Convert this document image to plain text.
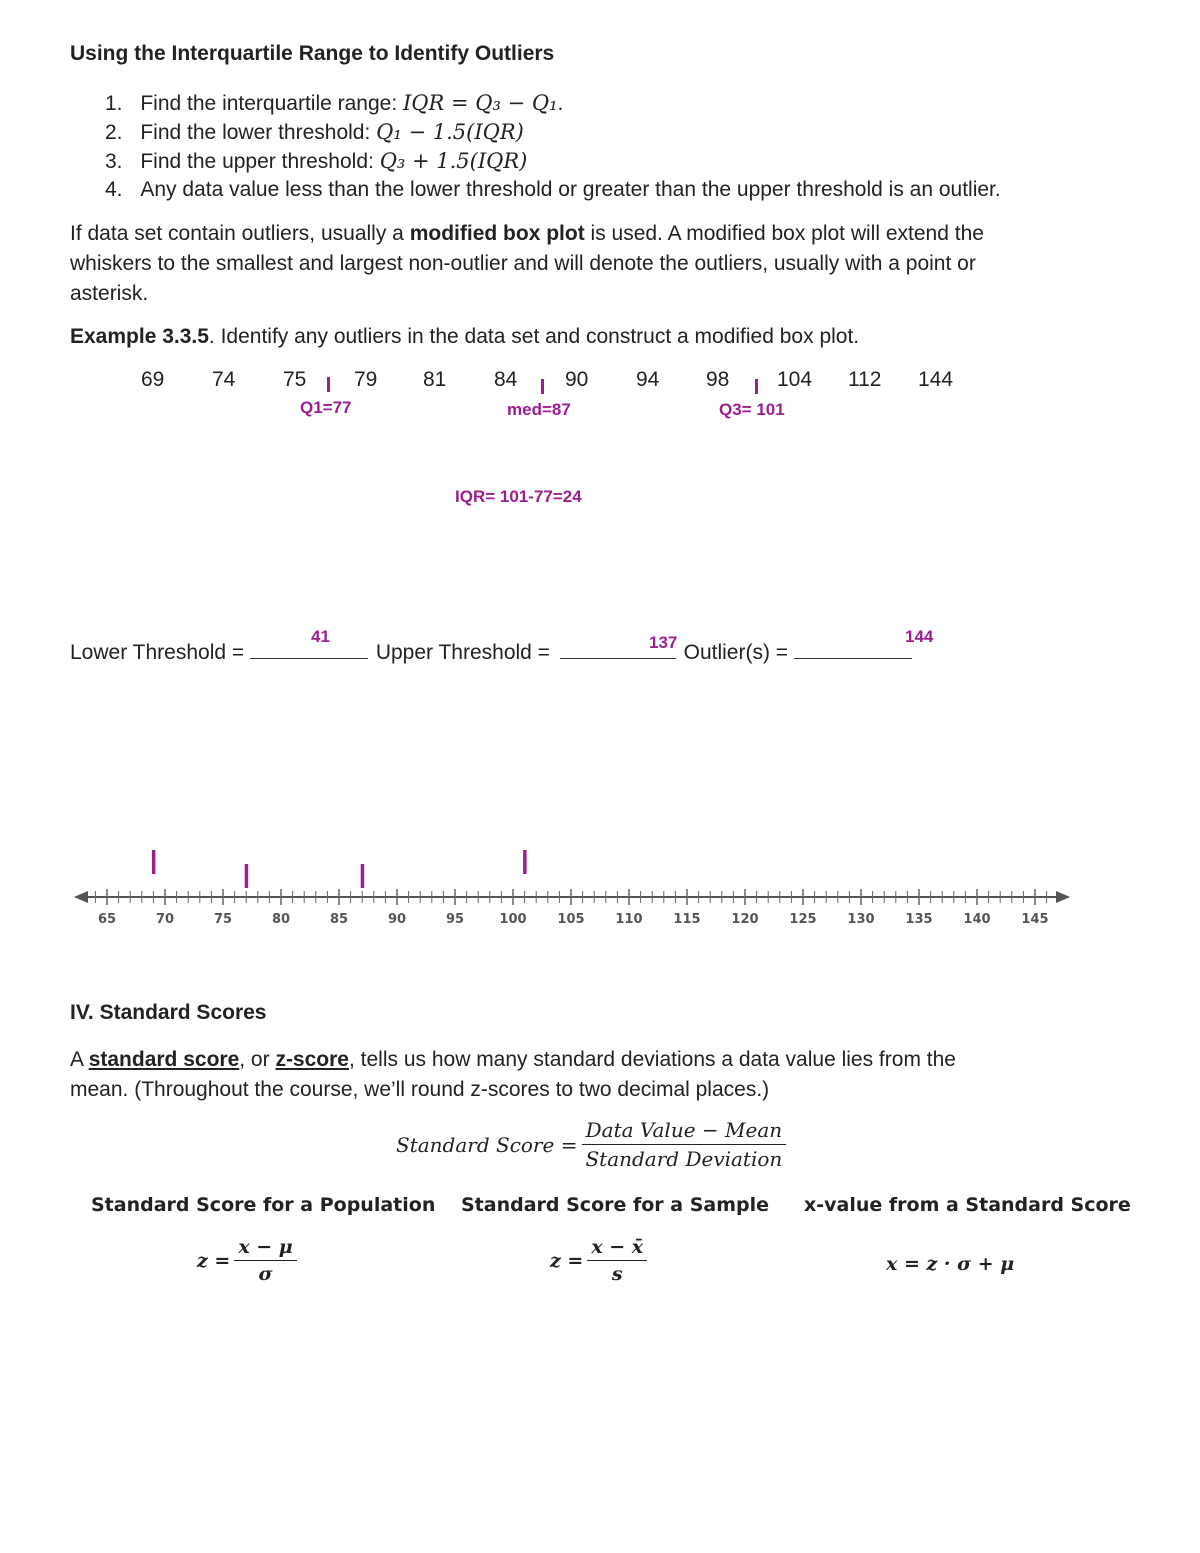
Using the Interquartile Range to Identify Outliers
1. Find the interquartile range: IQR = Q₃ − Q₁.
2. Find the lower threshold: Q₁ − 1.5(IQR)
3. Find the upper threshold: Q₃ + 1.5(IQR)
4. Any data value less than the lower threshold or greater than the upper threshold is an outlier.
If data set contain outliers, usually a modified box plot is used. A modified box plot will extend the
whiskers to the smallest and largest non-outlier and will denote the outliers, usually with a point or
asterisk.
Example 3.3.5. Identify any outliers in the data set and construct a modified box plot.
69 74 75 79 81 84 90 94 98 104 112 144
Q1=77	med=87	Q3= 101
IQR= 101-77=24
Lower Threshold =	Upper Threshold =	Outlier(s) =
41	137	144
65	70	75	80	85	90	95	100 105 110 115 120 125 130 135 140 145
IV. Standard Scores
A standard score, or z-score, tells us how many standard deviations a data value lies from the
mean. (Throughout the course, we’ll round z-scores to two decimal places.)
Standard Score = $\frac{\text{Data Value − Mean}}{\text{Standard Deviation}}$
Standard Score for a Population Standard Score for a Sample x-value from a Standard Score
$z = \frac{x - \mu}{\sigma}$	$z = \frac{x - x̄}{s}$	x = z · σ + μ
